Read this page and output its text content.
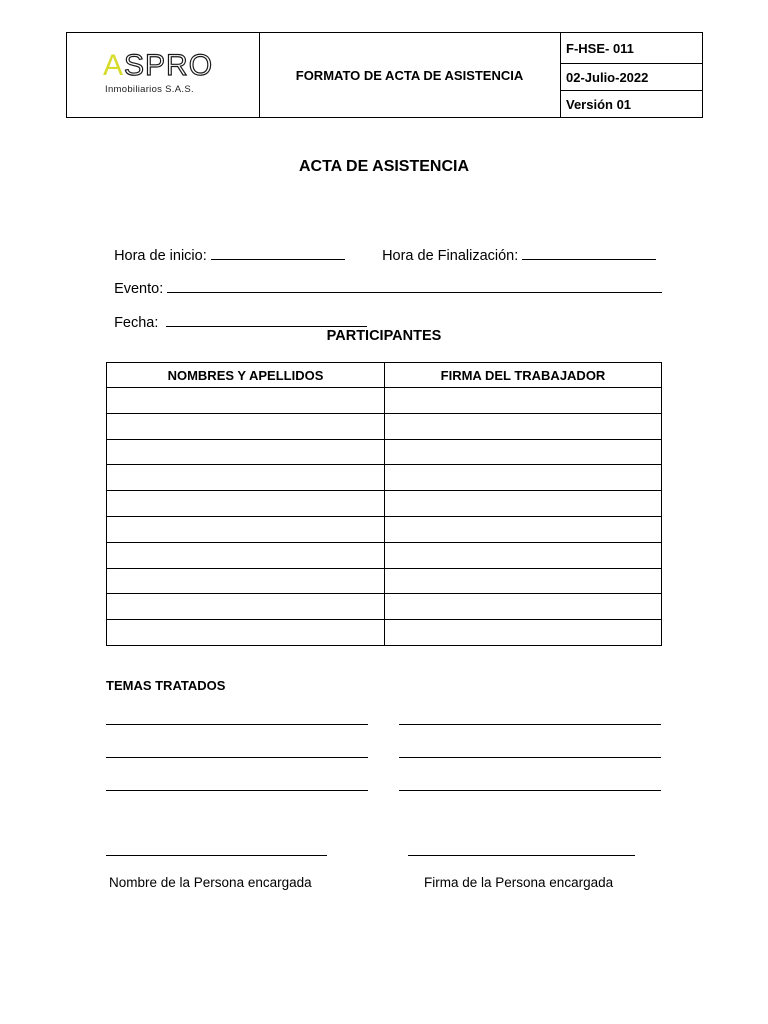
ASPRO
Inmobiliarios S.A.S.
FORMATO DE ACTA DE ASISTENCIA
F-HSE- 011
02-Julio-2022
Versión 01
ACTA DE ASISTENCIA

Hora de inicio:	Hora de Finalización:

Evento:

Fecha:

PARTICIPANTES
NOMBRES Y APELLIDOS	FIRMA DEL TRABAJADOR

TEMAS TRATADOS
Nombre de la Persona encargada	Firma de la Persona encargada
